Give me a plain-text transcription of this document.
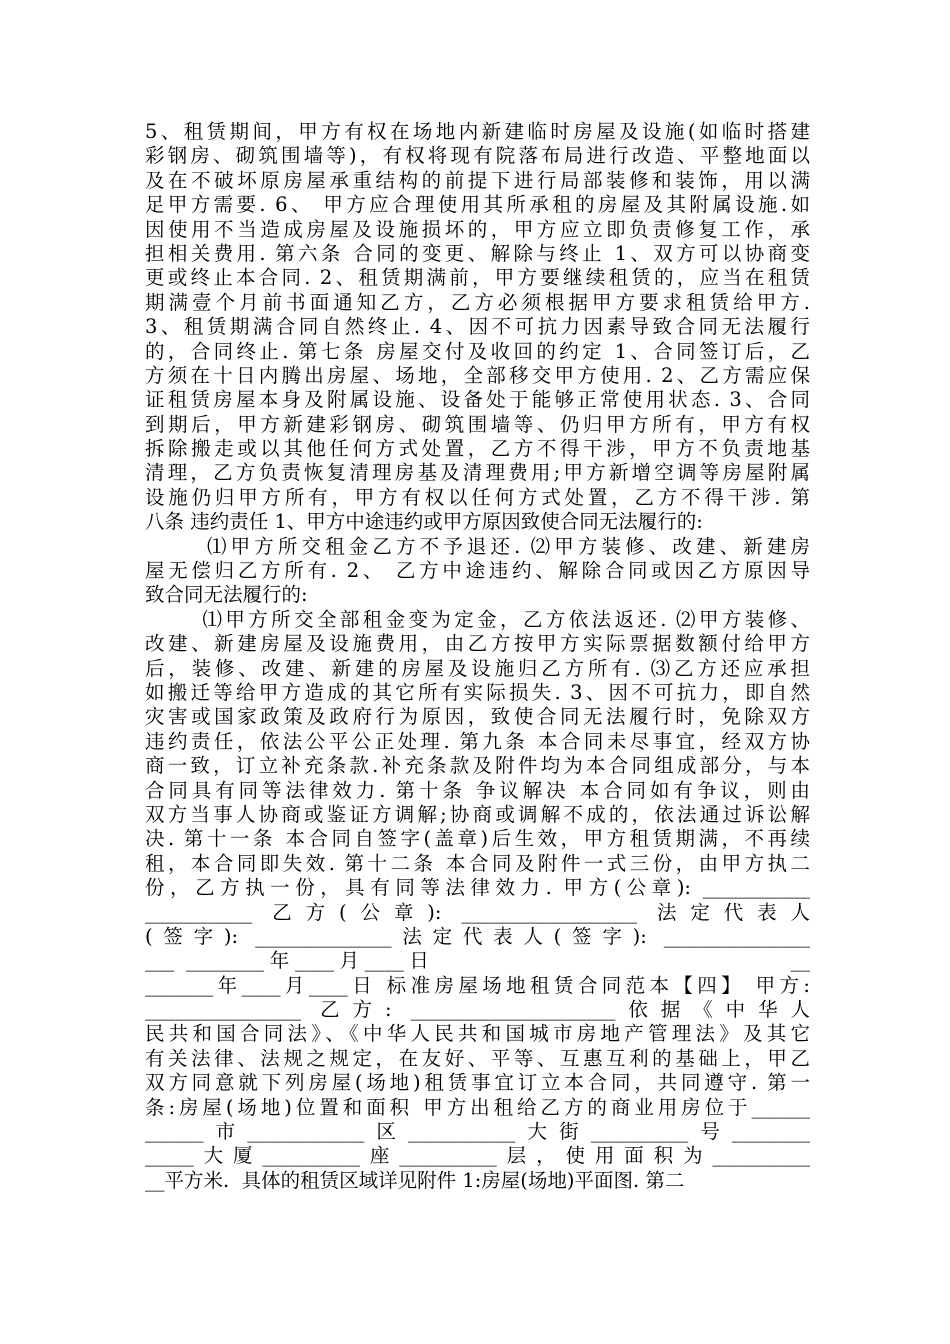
5、租赁期间，甲方有权在场地内新建临时房屋及设施(如临时搭建
彩钢房、砌筑围墙等)，有权将现有院落布局进行改造、平整地面以
及在不破坏原房屋承重结构的前提下进行局部装修和装饰，用以满
足甲方需要. 6、 甲方应合理使用其所承租的房屋及其附属设施.如
因使用不当造成房屋及设施损坏的，甲方应立即负责修复工作，承
担相关费用. 第六条 合同的变更、解除与终止 1、双方可以协商变
更或终止本合同. 2、租赁期满前，甲方要继续租赁的，应当在租赁
期满壹个月前书面通知乙方，乙方必须根据甲方要求租赁给甲方.
3、租赁期满合同自然终止. 4、因不可抗力因素导致合同无法履行
的，合同终止. 第七条 房屋交付及收回的约定 1、合同签订后，乙
方须在十日内腾出房屋、场地，全部移交甲方使用. 2、乙方需应保
证租赁房屋本身及附属设施、设备处于能够正常使用状态. 3、合同
到期后，甲方新建彩钢房、砌筑围墙等、仍归甲方所有，甲方有权
拆除搬走或以其他任何方式处置，乙方不得干涉，甲方不负责地基
清理，乙方负责恢复清理房基及清理费用;甲方新增空调等房屋附属
设施仍归甲方所有，甲方有权以任何方式处置，乙方不得干涉. 第
八条 违约责任 1、甲方中途违约或甲方原因致使合同无法履行的:
⑴甲方所交租金乙方不予退还. ⑵甲方装修、改建、新建房
屋无偿归乙方所有. 2、 乙方中途违约、解除合同或因乙方原因导
致合同无法履行的:
⑴甲方所交全部租金变为定金，乙方依法返还. ⑵甲方装修、
改建、新建房屋及设施费用，由乙方按甲方实际票据数额付给甲方
后，装修、改建、新建的房屋及设施归乙方所有. ⑶乙方还应承担
如搬迁等给甲方造成的其它所有实际损失. 3、因不可抗力，即自然
灾害或国家政策及政府行为原因，致使合同无法履行时，免除双方
违约责任，依法公平公正处理. 第九条 本合同未尽事宜，经双方协
商一致，订立补充条款.补充条款及附件均为本合同组成部分，与本
合同具有同等法律效力. 第十条 争议解决 本合同如有争议，则由
双方当事人协商或鉴证方调解;协商或调解不成的，依法通过诉讼解
决. 第十一条 本合同自签字(盖章)后生效，甲方租赁期满，不再续
租，本合同即失效. 第十二条 本合同及附件一式三份，由甲方执二
份，乙方执一份，具有同等法律效力. 甲方(公章): ___________
___________ 乙方(公章): __________________ 法定代表人
(签字): ______________法定代表人(签字): _______________
___ ________年____月____日                              __
_______年____月____日 标准房屋场地租赁合同范本【四】 甲方:
________________ 乙方: _____________________依据《中华人
民共和国合同法》、《中华人民共和国城市房地产管理法》及其它
有关法律、法规之规定，在友好、平等、互惠互利的基础上，甲乙
双方同意就下列房屋(场地)租赁事宜订立本合同，共同遵守. 第一
条:房屋(场地)位置和面积 甲方出租给乙方的商业用房位于______
______市____________区___________大街__________号________
_____大厦__________座__________层，使用面积为__________
__平方米.  具体的租赁区域详见附件 1:房屋(场地)平面图. 第二
